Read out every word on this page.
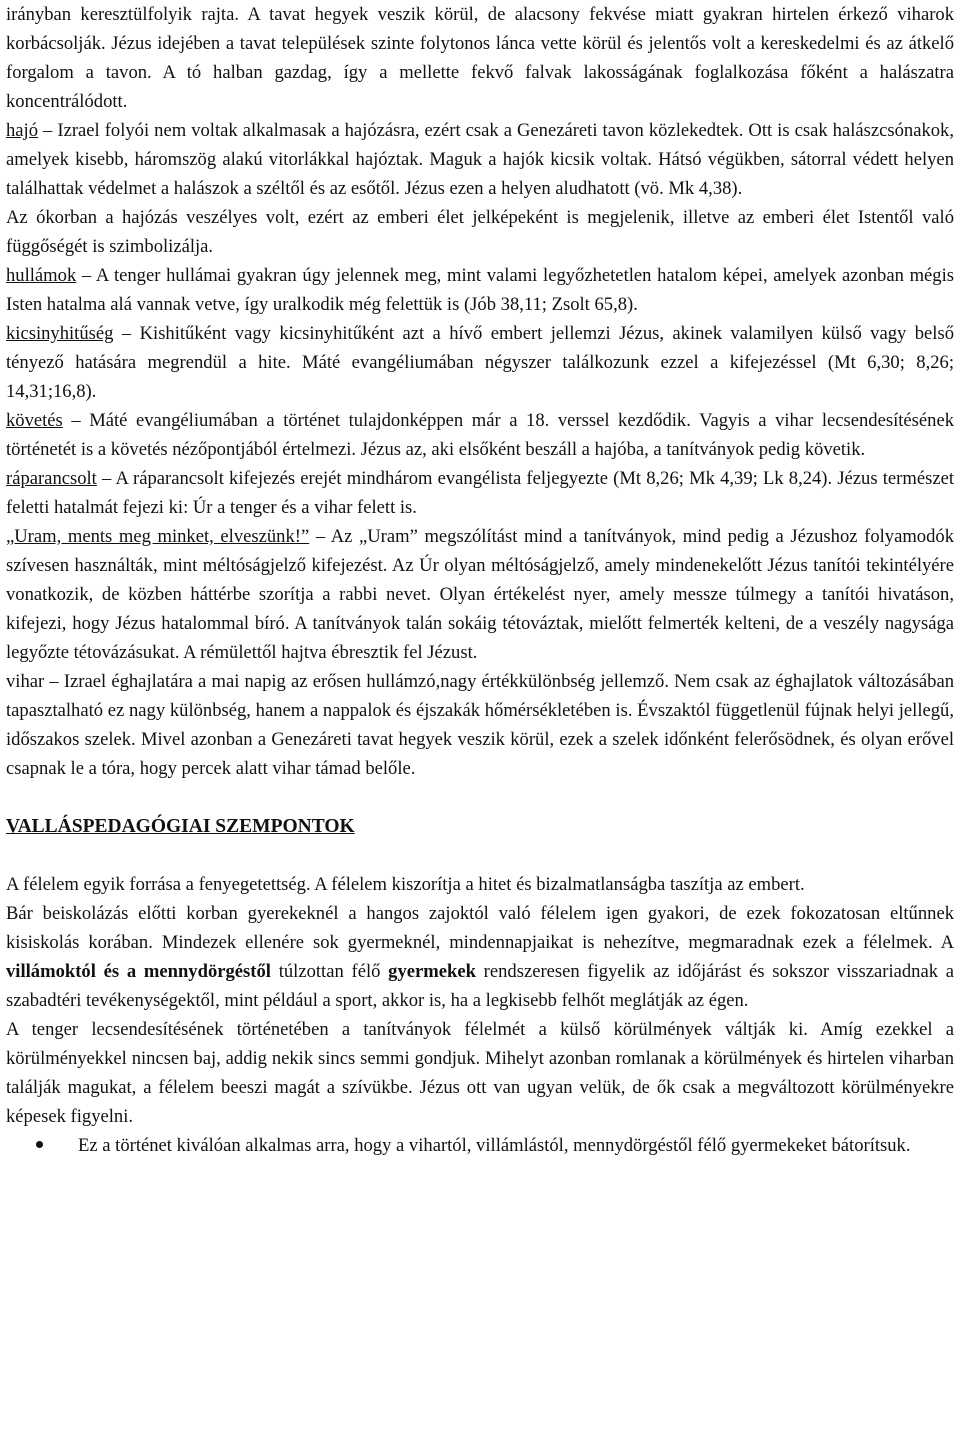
irányban keresztülfolyik rajta. A tavat hegyek veszik körül, de alacsony fekvése miatt gyakran hirtelen érkező viharok korbácsolják. Jézus idejében a tavat települések szinte folytonos lánca vette körül és jelentős volt a kereskedelmi és az átkelő forgalom a tavon. A tó halban gazdag, így a mellette fekvő falvak lakosságának foglalkozása főként a halászatra koncentrálódott.

hajó – Izrael folyói nem voltak alkalmasak a hajózásra, ezért csak a Genezáreti tavon közlekedtek. Ott is csak halászcsónakok, amelyek kisebb, háromszög alakú vitorlákkal hajóztak. Maguk a hajók kicsik voltak. Hátsó végükben, sátorral védett helyen találhattak védelmet a halászok a széltől és az esőtől. Jézus ezen a helyen aludhatott (vö. Mk 4,38).

Az ókorban a hajózás veszélyes volt, ezért az emberi élet jelképeként is megjelenik, illetve az emberi élet Istentől való függőségét is szimbolizálja.

hullámok – A tenger hullámai gyakran úgy jelennek meg, mint valami legyőzhetetlen hatalom képei, amelyek azonban mégis Isten hatalma alá vannak vetve, így uralkodik még felettük is (Jób 38,11; Zsolt 65,8).

kicsinyhitűség – Kishitűként vagy kicsinyhitűként azt a hívő embert jellemzi Jézus, akinek valamilyen külső vagy belső tényező hatására megrendül a hite. Máté evangéliumában négyszer találkozunk ezzel a kifejezéssel (Mt 6,30; 8,26; 14,31;16,8).

követés – Máté evangéliumában a történet tulajdonképpen már a 18. verssel kezdődik. Vagyis a vihar lecsendesítésének történetét is a követés nézőpontjából értelmezi. Jézus az, aki elsőként beszáll a hajóba, a tanítványok pedig követik.

ráparancsolt – A ráparancsolt kifejezés erejét mindhárom evangélista feljegyezte (Mt 8,26; Mk 4,39; Lk 8,24). Jézus természet feletti hatalmát fejezi ki: Úr a tenger és a vihar felett is.

„Uram, ments meg minket, elveszünk!” – Az „Uram” megszólítást mind a tanítványok, mind pedig a Jézushoz folyamodók szívesen használták, mint méltóságjelző kifejezést. Az Úr olyan méltóságjelző, amely mindenekelőtt Jézus tanítói tekintélyére vonatkozik, de közben háttérbe szorítja a rabbi nevet. Olyan értékelést nyer, amely messze túlmegy a tanítói hivatáson, kifejezi, hogy Jézus hatalommal bíró. A tanítványok talán sokáig tétováztak, mielőtt felmerték kelteni, de a veszély nagysága legyőzte tétovázásukat. A rémülettől hajtva ébresztik fel Jézust.

vihar – Izrael éghajlatára a mai napig az erősen hullámzó,nagy értékkülönbség jellemző. Nem csak az éghajlatok változásában tapasztalható ez nagy különbség, hanem a nappalok és éjszakák hőmérsékletében is. Évszaktól függetlenül fújnak helyi jellegű, időszakos szelek. Mivel azonban a Genezáreti tavat hegyek veszik körül, ezek a szelek időnként felerősödnek, és olyan erővel csapnak le a tóra, hogy percek alatt vihar támad belőle.

VALLÁSPEDAGÓGIAI SZEMPONTOK

A félelem egyik forrása a fenyegetettség. A félelem kiszorítja a hitet és bizalmatlanságba taszítja az embert.

Bár beiskolázás előtti korban gyerekeknél a hangos zajoktól való félelem igen gyakori, de ezek fokozatosan eltűnnek kisiskolás korában. Mindezek ellenére sok gyermeknél, mindennapjaikat is nehezítve, megmaradnak ezek a félelmek. A villámoktól és a mennydörgéstől túlzottan félő gyermekek rendszeresen figyelik az időjárást és sokszor visszariadnak a szabadtéri tevékenységektől, mint például a sport, akkor is, ha a legkisebb felhőt meglátják az égen.

A tenger lecsendesítésének történetében a tanítványok félelmét a külső körülmények váltják ki. Amíg ezekkel a körülményekkel nincsen baj, addig nekik sincs semmi gondjuk. Mihelyt azonban romlanak a körülmények és hirtelen viharban találják magukat, a félelem beeszi magát a szívükbe. Jézus ott van ugyan velük, de ők csak a megváltozott körülményekre képesek figyelni.

Ez a történet kiválóan alkalmas arra, hogy a vihartól, villámlástól, mennydörgéstől félő gyermekeket bátorítsuk.
